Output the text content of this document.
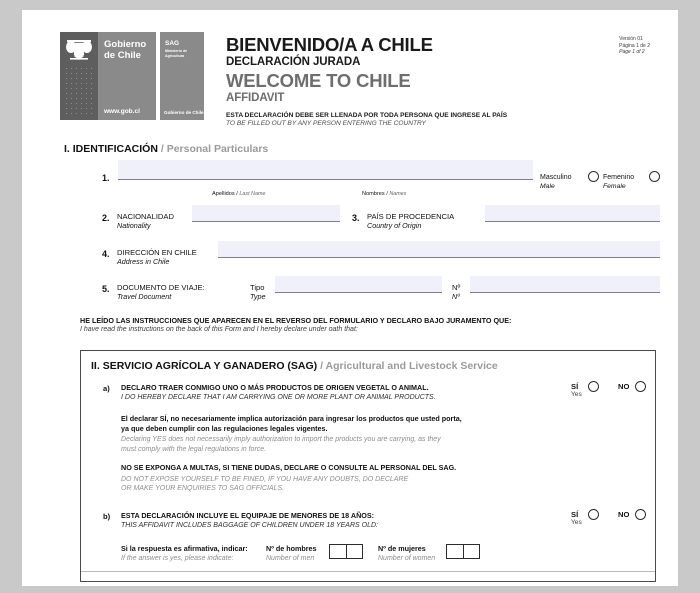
Gobierno
de Chile
www.gob.cl
SAG
Ministerio de
Agricultura
Gobierno de Chile
BIENVENIDO/A A CHILE
DECLARACIÓN JURADA
WELCOME TO CHILE
AFFIDAVIT
ESTA DECLARACIÓN DEBE SER LLENADA POR TODA PERSONA QUE INGRESE AL PAÍS
TO BE FILLED OUT BY ANY PERSON ENTERING THE COUNTRY
Versión 01
Página 1 de 2
Page 1 of 2
I. IDENTIFICACIÓN / Personal Particulars
1.
Apellidos / Last Name	Nombres / Names
Masculino
Male
Femenino
Female
2. NACIONALIDAD
Nationality
3. PAÍS DE PROCEDENCIA
Country of Origin
4. DIRECCIÓN EN CHILE
Address in Chile
5. DOCUMENTO DE VIAJE:
Travel Document
Tipo
Type
Nº
Nº
HE LEÍDO LAS INSTRUCCIONES QUE APARECEN EN EL REVERSO DEL FORMULARIO Y DECLARO BAJO JURAMENTO QUE:
I have read the instructions on the back of this Form and I hereby declare under oath that:
II. SERVICIO AGRÍCOLA Y GANADERO (SAG) / Agricultural and Livestock Service
a) DECLARO TRAER CONMIGO UNO O MÁS PRODUCTOS DE ORIGEN VEGETAL O ANIMAL.
I DO HEREBY DECLARE THAT I AM CARRYING ONE OR MORE PLANT OR ANIMAL PRODUCTS.
SÍ
Yes
NO
El declarar SÍ, no necesariamente implica autorización para ingresar los productos que usted porta,
ya que deben cumplir con las regulaciones legales vigentes.
Declaring YES does not necessarily imply authorization to import the products you are carrying, as they
must comply with the legal regulations in force.
NO SE EXPONGA A MULTAS, SI TIENE DUDAS, DECLARE O CONSULTE AL PERSONAL DEL SAG.
DO NOT EXPOSE YOURSELF TO BE FINED, IF YOU HAVE ANY DOUBTS, DO DECLARE
OR MAKE YOUR ENQUIRIES TO SAG OFFICIALS.
b) ESTA DECLARACIÓN INCLUYE EL EQUIPAJE DE MENORES DE 18 AÑOS:
THIS AFFIDAVIT INCLUDES BAGGAGE OF CHILDREN UNDER 18 YEARS OLD:
SÍ
Yes
NO
Si la respuesta es afirmativa, indicar:
If the answer is yes, please indicate:
Nº de hombres
Number of men
Nº de mujeres
Number of women
